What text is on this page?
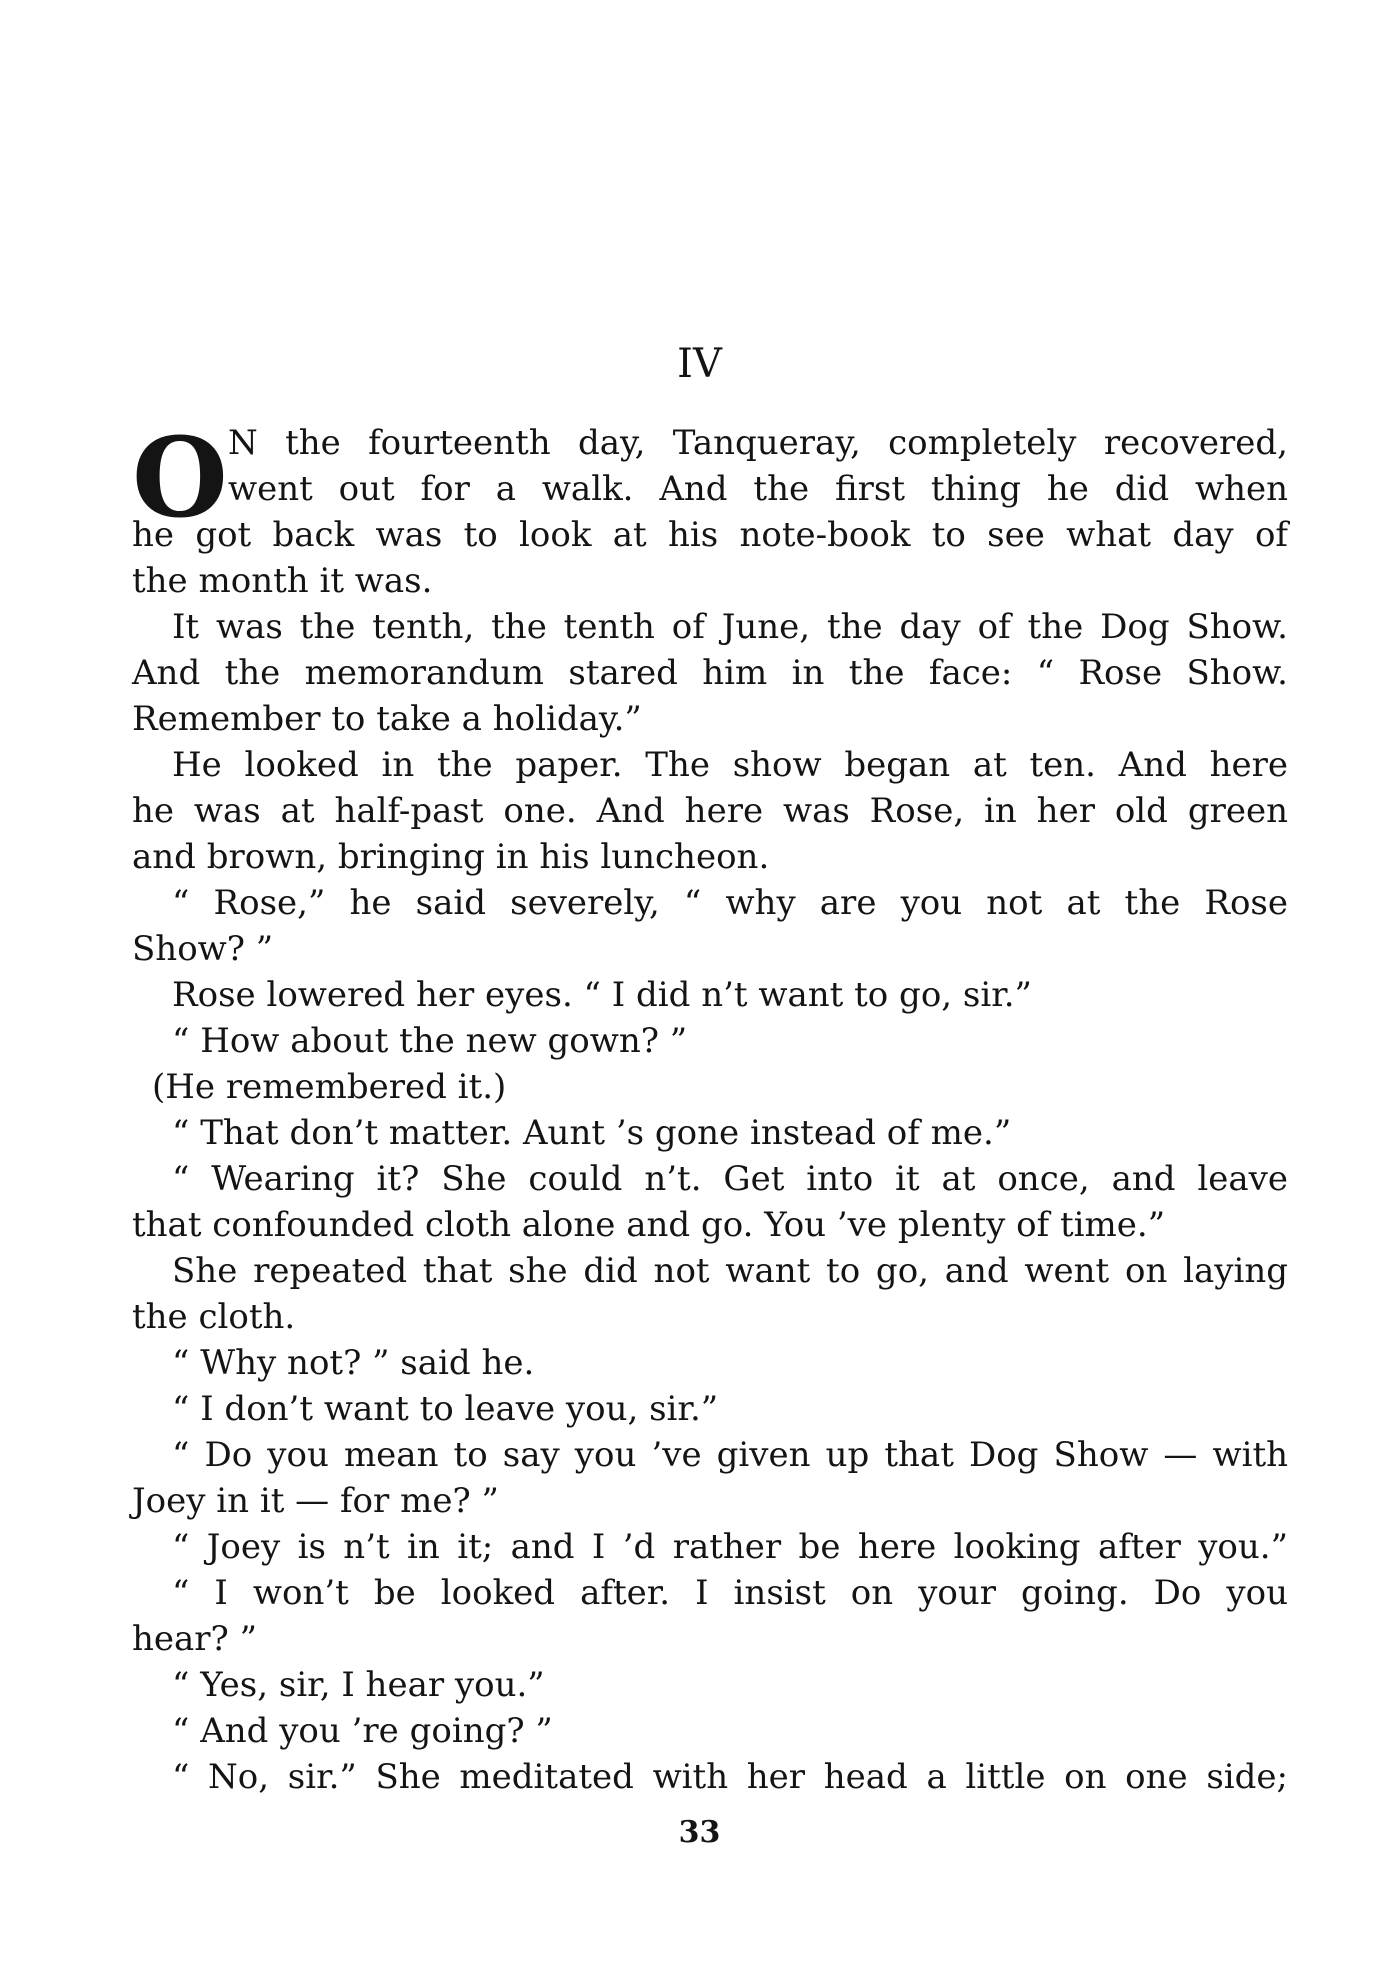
IV
O N the fourteenth day, Tanqueray, completely recovered,
went out for a walk. And the first thing he did when
he got back was to look at his note-book to see what day of
the month it was.
It was the tenth, the tenth of June, the day of the Dog Show.
And the memorandum stared him in the face: “ Rose Show.
Remember to take a holiday.”
He looked in the paper. The show began at ten. And here
he was at half-past one. And here was Rose, in her old green
and brown, bringing in his luncheon.
“ Rose,” he said severely, “ why are you not at the Rose
Show? ”
Rose lowered her eyes. “ I did n’t want to go, sir.”
“ How about the new gown? ”
(He remembered it.)
“ That don’t matter. Aunt ’s gone instead of me.”
“ Wearing it? She could n’t. Get into it at once, and leave
that confounded cloth alone and go. You ’ve plenty of time.”
She repeated that she did not want to go, and went on laying
the cloth.
“ Why not? ” said he.
“ I don’t want to leave you, sir.”
“ Do you mean to say you ’ve given up that Dog Show — with
Joey in it — for me? ”
“ Joey is n’t in it; and I ’d rather be here looking after you.”
“ I won’t be looked after. I insist on your going. Do you
hear? ”
“ Yes, sir, I hear you.”
“ And you ’re going? ”
“ No, sir.” She meditated with her head a little on one side;
33
